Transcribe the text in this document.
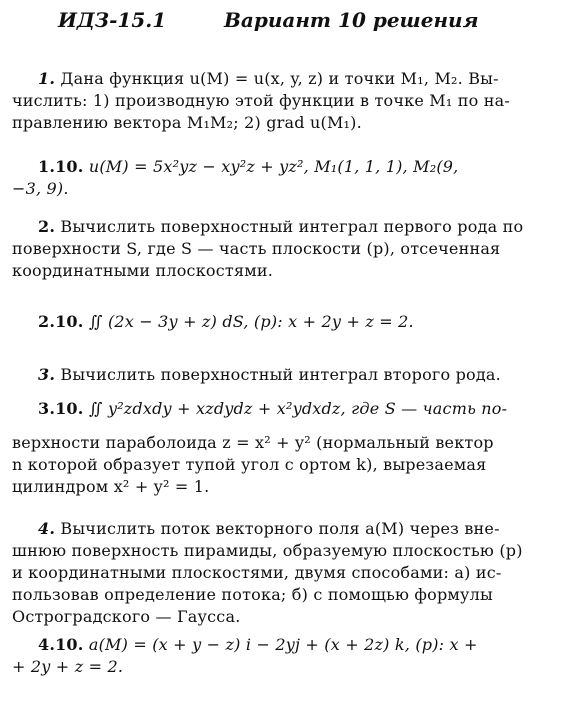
ИДЗ-15.1	Вариант 10 решения
1. Дана функция u(M) = u(x, y, z) и точки M₁, M₂. Вы-
числить: 1) производную этой функции в точке M₁ по на-
правлению вектора M₁M₂; 2) grad u(M₁).
1.10. u(M) = 5x²yz − xy²z + yz², M₁(1, 1, 1), M₂(9,
−3, 9).
2. Вычислить поверхностный интеграл первого рода по
поверхности S, где S — часть плоскости (p), отсеченная
координатными плоскостями.
2.10. ∬ (2x − 3y + z) dS, (p): x + 2y + z = 2.
3. Вычислить поверхностный интеграл второго рода.
3.10. ∬ y²zdxdy + xzdydz + x²ydxdz, где S — часть по-
верхности параболоида z = x² + y² (нормальный вектор
n которой образует тупой угол с ортом k), вырезаемая
цилиндром x² + y² = 1.
4. Вычислить поток векторного поля a(M) через вне-
шнюю поверхность пирамиды, образуемую плоскостью (p)
и координатными плоскостями, двумя способами: а) ис-
пользовав определение потока; б) с помощью формулы
Остроградского — Гаусса.
4.10. a(M) = (x + y − z) i − 2yj + (x + 2z) k, (p): x +
+ 2y + z = 2.
